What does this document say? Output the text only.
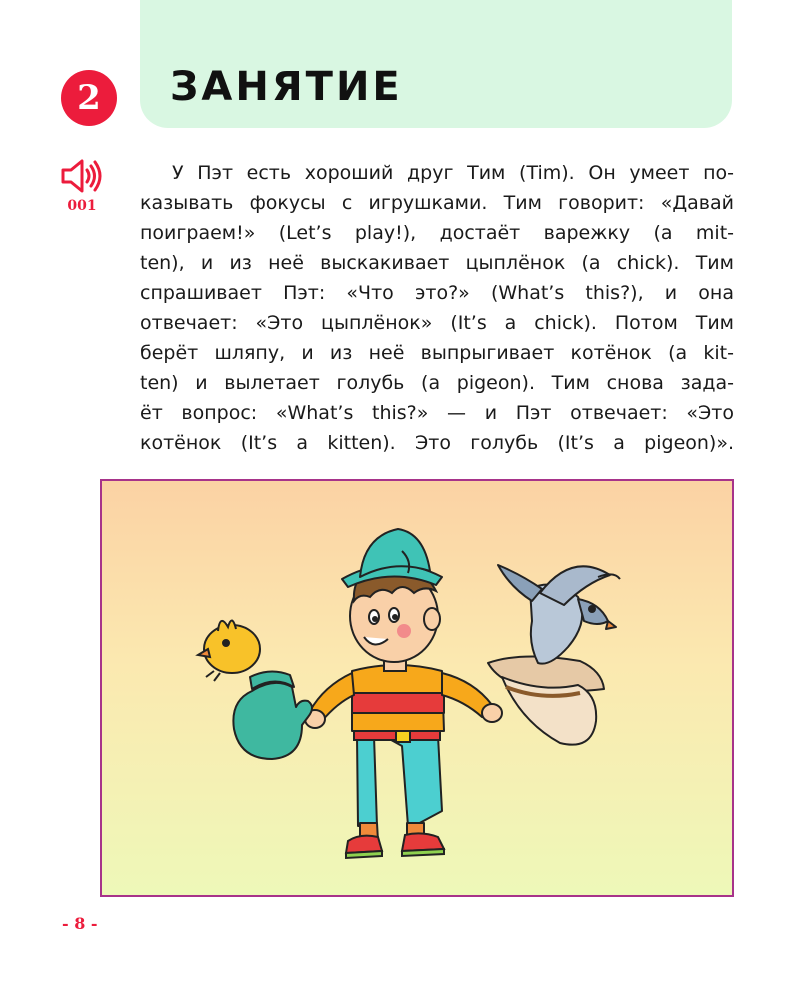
2 ЗАНЯТИЕ
001
У Пэт есть хороший друг Тим (Tim). Он умеет по-
казывать фокусы с игрушками. Тим говорит: «Давай
поиграем!» (Let’s play!), достаёт варежку (a mit-
ten), и из неё выскакивает цыплёнок (a chick). Тим
спрашивает Пэт: «Что это?» (What’s this?), и она
отвечает: «Это цыплёнок» (It’s a chick). Потом Тим
берёт шляпу, и из неё выпрыгивает котёнок (a kit-
ten) и вылетает голубь (a pigeon). Тим снова зада-
ёт вопрос: «What’s this?» — и Пэт отвечает: «Это
котёнок (It’s a kitten). Это голубь (It’s a pigeon)».
- 8 -
